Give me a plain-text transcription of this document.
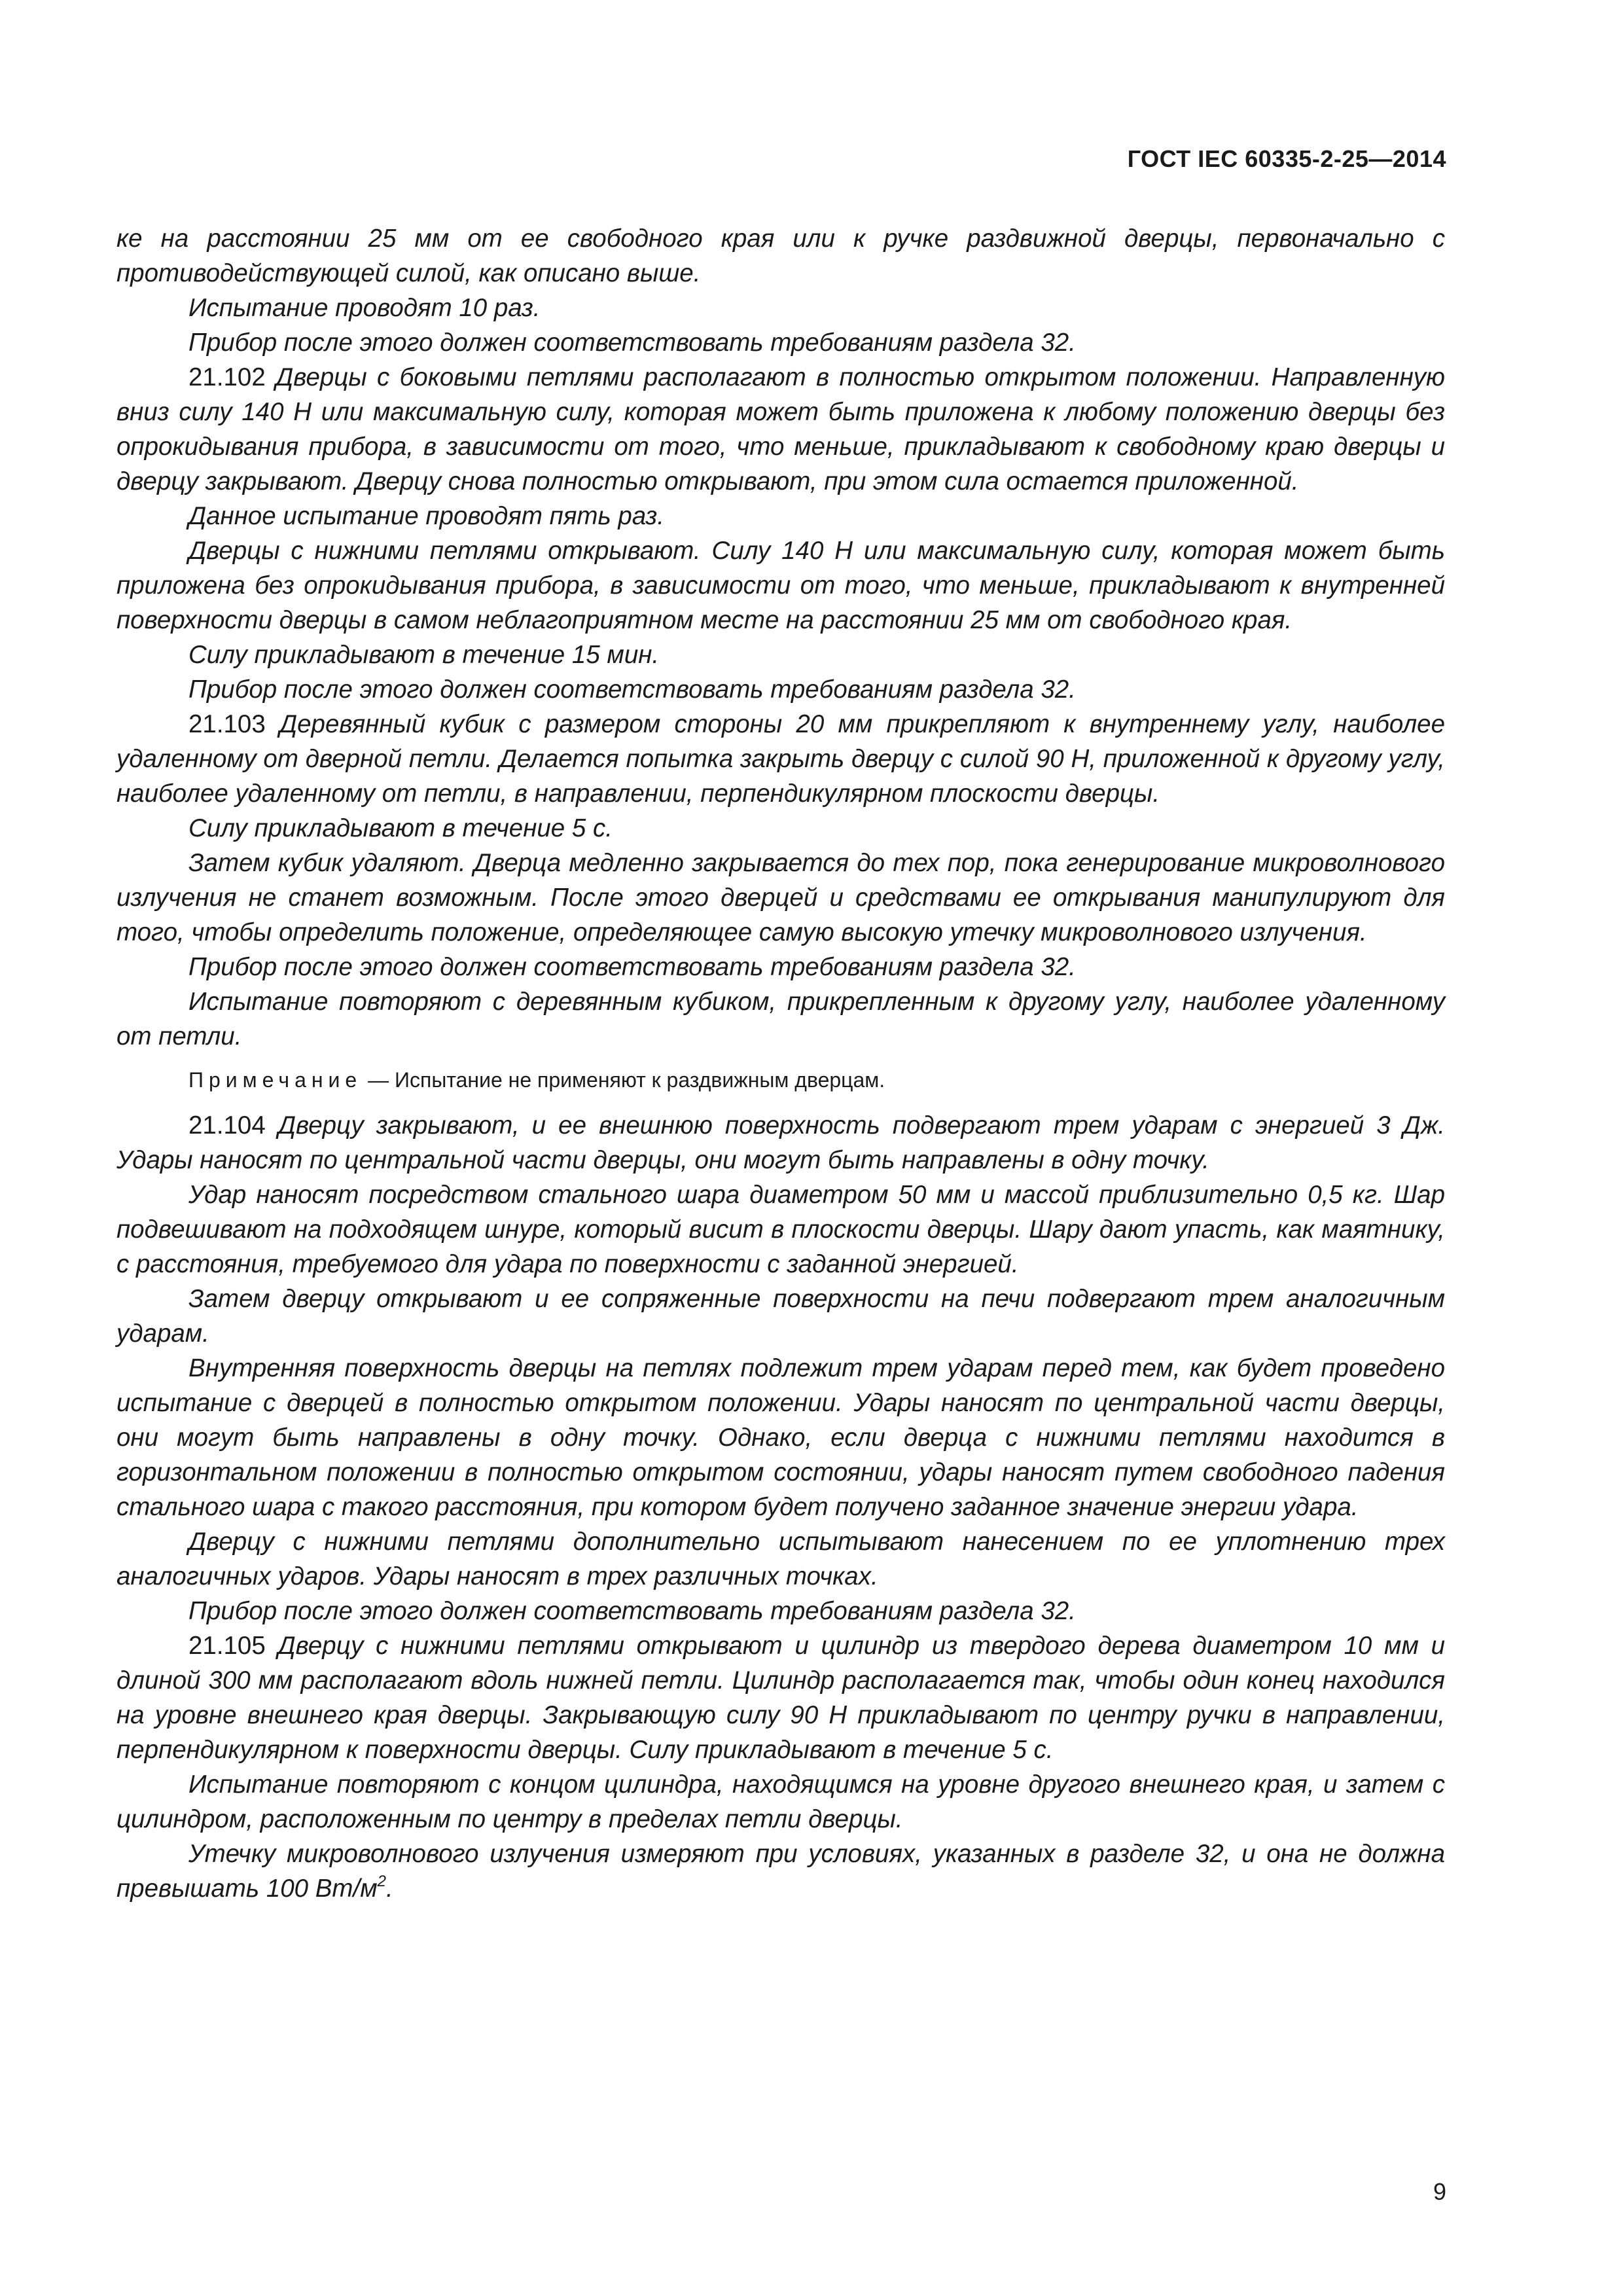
ГОСТ IEC 60335-2-25—2014

ке на расстоянии 25 мм от ее свободного края или к ручке раздвижной дверцы, первоначально с противодействующей силой, как описано выше.

Испытание проводят 10 раз.

Прибор после этого должен соответствовать требованиям раздела 32.

21.102 Дверцы с боковыми петлями располагают в полностью открытом положении. Направленную вниз силу 140 Н или максимальную силу, которая может быть приложена к любому положению дверцы без опрокидывания прибора, в зависимости от того, что меньше, прикладывают к свободному краю дверцы и дверцу закрывают. Дверцу снова полностью открывают, при этом сила остается приложенной.

Данное испытание проводят пять раз.

Дверцы с нижними петлями открывают. Силу 140 Н или максимальную силу, которая может быть приложена без опрокидывания прибора, в зависимости от того, что меньше, прикладывают к внутренней поверхности дверцы в самом неблагоприятном месте на расстоянии 25 мм от свободного края.

Силу прикладывают в течение 15 мин.

Прибор после этого должен соответствовать требованиям раздела 32.

21.103 Деревянный кубик с размером стороны 20 мм прикрепляют к внутреннему углу, наиболее удаленному от дверной петли. Делается попытка закрыть дверцу с силой 90 Н, приложенной к другому углу, наиболее удаленному от петли, в направлении, перпендикулярном плоскости дверцы.

Силу прикладывают в течение 5 с.

Затем кубик удаляют. Дверца медленно закрывается до тех пор, пока генерирование микроволнового излучения не станет возможным. После этого дверцей и средствами ее открывания манипулируют для того, чтобы определить положение, определяющее самую высокую утечку микроволнового излучения.

Прибор после этого должен соответствовать требованиям раздела 32.

Испытание повторяют с деревянным кубиком, прикрепленным к другому углу, наиболее удаленному от петли.

Примечание — Испытание не применяют к раздвижным дверцам.

21.104 Дверцу закрывают, и ее внешнюю поверхность подвергают трем ударам с энергией 3 Дж. Удары наносят по центральной части дверцы, они могут быть направлены в одну точку.

Удар наносят посредством стального шара диаметром 50 мм и массой приблизительно 0,5 кг. Шар подвешивают на подходящем шнуре, который висит в плоскости дверцы. Шару дают упасть, как маятнику, с расстояния, требуемого для удара по поверхности с заданной энергией.

Затем дверцу открывают и ее сопряженные поверхности на печи подвергают трем аналогичным ударам.

Внутренняя поверхность дверцы на петлях подлежит трем ударам перед тем, как будет проведено испытание с дверцей в полностью открытом положении. Удары наносят по центральной части дверцы, они могут быть направлены в одну точку. Однако, если дверца с нижними петлями находится в горизонтальном положении в полностью открытом состоянии, удары наносят путем свободного падения стального шара с такого расстояния, при котором будет получено заданное значение энергии удара.

Дверцу с нижними петлями дополнительно испытывают нанесением по ее уплотнению трех аналогичных ударов. Удары наносят в трех различных точках.

Прибор после этого должен соответствовать требованиям раздела 32.

21.105 Дверцу с нижними петлями открывают и цилиндр из твердого дерева диаметром 10 мм и длиной 300 мм располагают вдоль нижней петли. Цилиндр располагается так, чтобы один конец находился на уровне внешнего края дверцы. Закрывающую силу 90 Н прикладывают по центру ручки в направлении, перпендикулярном к поверхности дверцы. Силу прикладывают в течение 5 с.

Испытание повторяют с концом цилиндра, находящимся на уровне другого внешнего края, и затем с цилиндром, расположенным по центру в пределах петли дверцы.

Утечку микроволнового излучения измеряют при условиях, указанных в разделе 32, и она не должна превышать 100 $Вт/м^2$.

9
